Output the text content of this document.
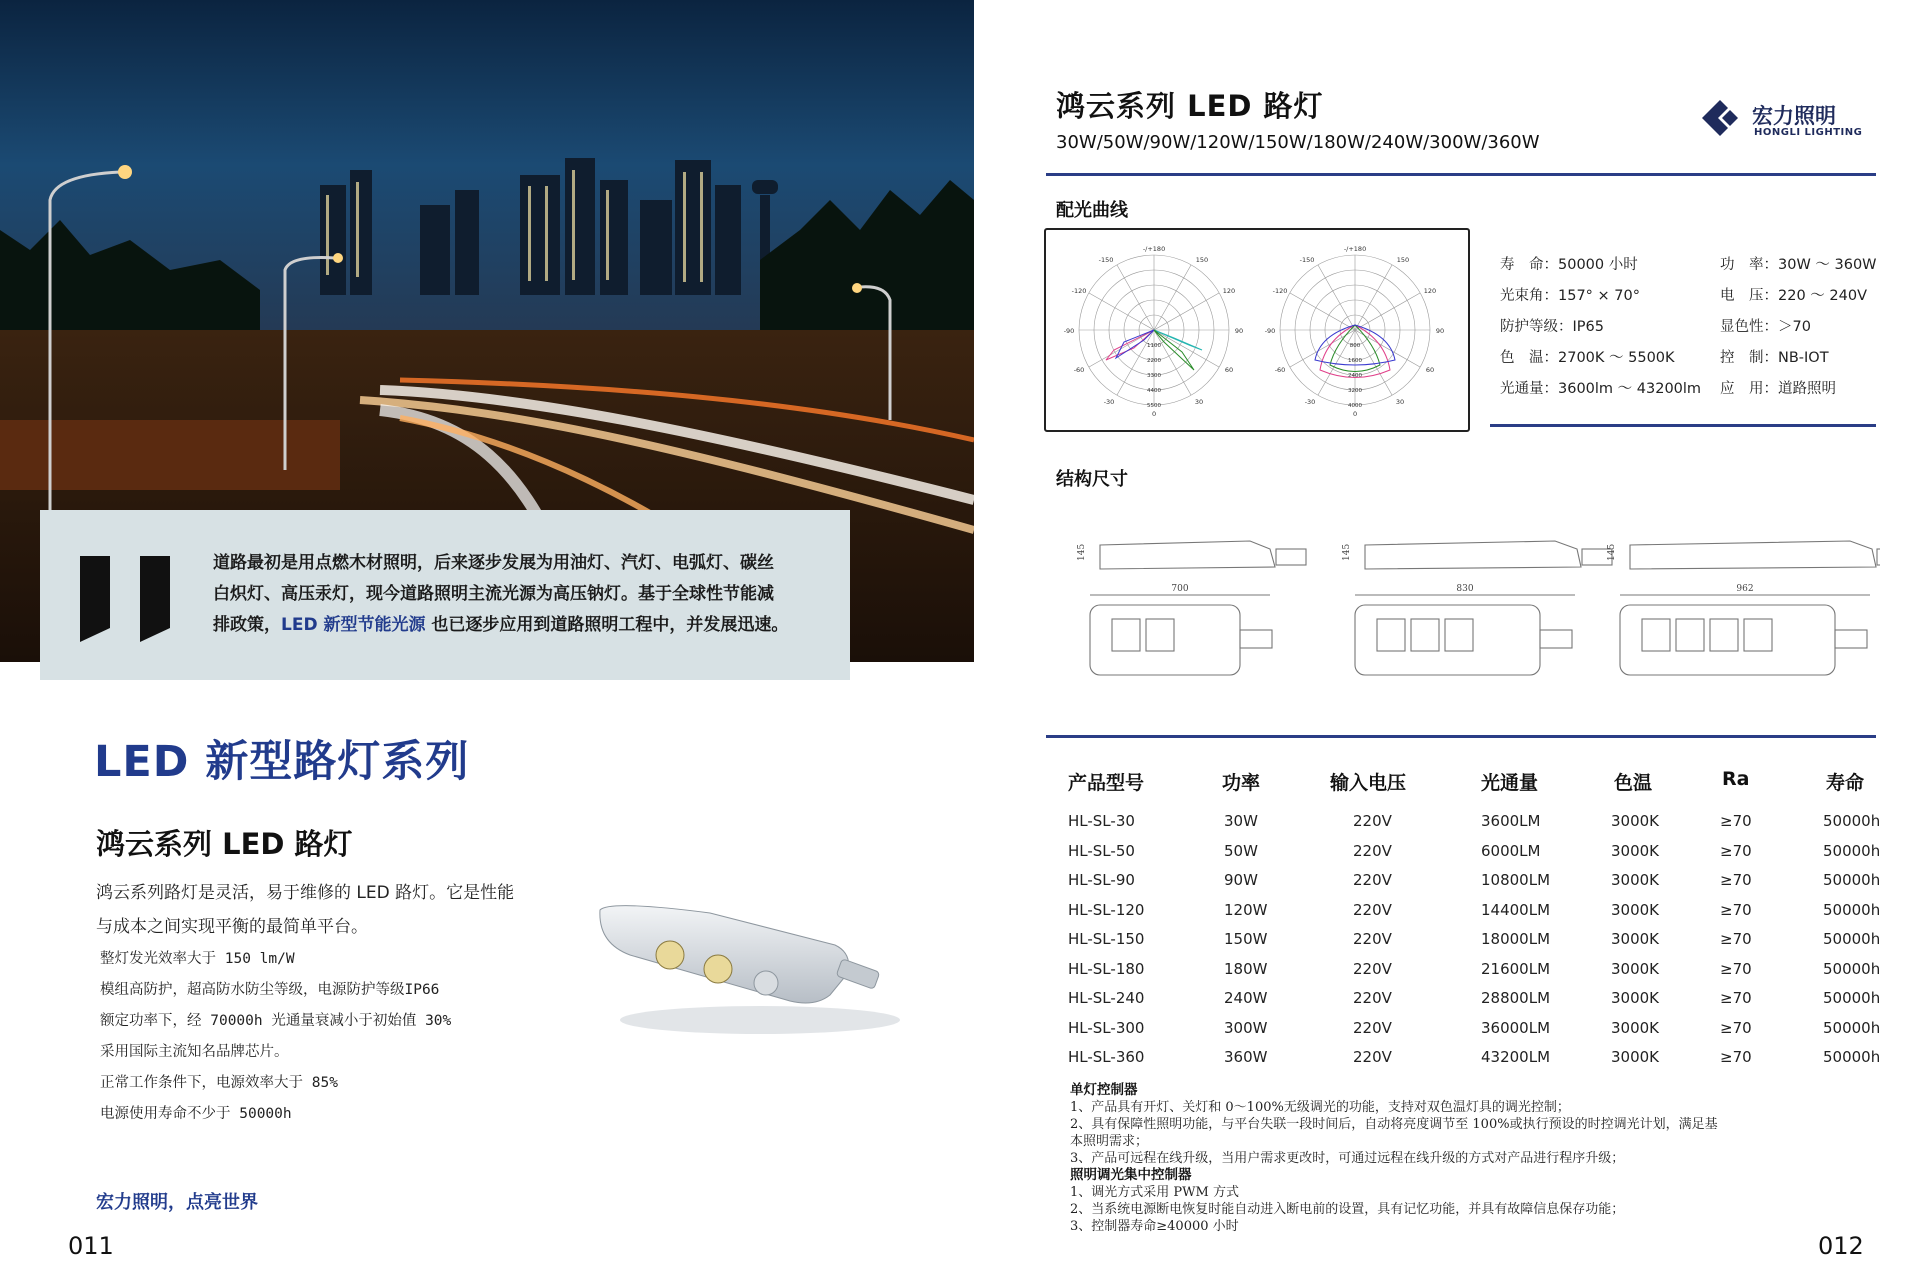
道路最初是用点燃木材照明，后来逐步发展为用油灯、汽灯、电弧灯、碳丝
白炽灯、高压汞灯，现今道路照明主流光源为高压钠灯。基于全球性节能减
排政策，LED 新型节能光源 也已逐步应用到道路照明工程中，并发展迅速。
LED 新型路灯系列
鸿云系列 LED 路灯
鸿云系列路灯是灵活，易于维修的 LED 路灯。它是性能
与成本之间实现平衡的最简单平台。
整灯发光效率大于 150 lm/W
模组高防护，超高防水防尘等级，电源防护等级IP66
额定功率下，经 70000h 光通量衰减小于初始值 30%
采用国际主流知名品牌芯片。
正常工作条件下，电源效率大于 85%
电源使用寿命不少于 50000h
宏力照明，点亮世界
011
鸿云系列 LED 路灯
30W/50W/90W/120W/150W/180W/240W/300W/360W
宏力照明
HONGLI LIGHTING
配光曲线
-/+180
-150	150
-120	120
-90	90
-60	60
-30	30
0
1100
2200
3300
4400
5500
-/+180
-150	150
-120	120
-90	90
-60	60
-30	30
0
800
1600
2400
3200
4000
寿　命：50000 小时
光束角：157° × 70°
防护等级：IP65
色　温：2700K ～ 5500K
光通量：3600lm ～ 43200lm
功　率：30W ～ 360W
电　压：220 ～ 240V
显色性：＞70
控　制：NB-IOT
应　用：道路照明
结构尺寸
145	145	145
700	830	962
产品型号	功率	输入电压	光通量	色温	Ra	寿命
HL-SL-30	30W	220V	3600LM	3000K	≥70	50000h
HL-SL-50	50W	220V	6000LM	3000K	≥70	50000h
HL-SL-90	90W	220V	10800LM	3000K	≥70	50000h
HL-SL-120	120W	220V	14400LM	3000K	≥70	50000h
HL-SL-150	150W	220V	18000LM	3000K	≥70	50000h
HL-SL-180	180W	220V	21600LM	3000K	≥70	50000h
HL-SL-240	240W	220V	28800LM	3000K	≥70	50000h
HL-SL-300	300W	220V	36000LM	3000K	≥70	50000h
HL-SL-360	360W	220V	43200LM	3000K	≥70	50000h
单灯控制器
1、产品具有开灯、关灯和 0～100%无级调光的功能，支持对双色温灯具的调光控制；
2、具有保障性照明功能，与平台失联一段时间后，自动将亮度调节至 100%或执行预设的时控调光计划，满足基
本照明需求；
3、产品可远程在线升级，当用户需求更改时，可通过远程在线升级的方式对产品进行程序升级；
照明调光集中控制器
1、调光方式采用 PWM 方式
2、当系统电源断电恢复时能自动进入断电前的设置，具有记忆功能，并具有故障信息保存功能；
3、控制器寿命≥40000 小时
012
